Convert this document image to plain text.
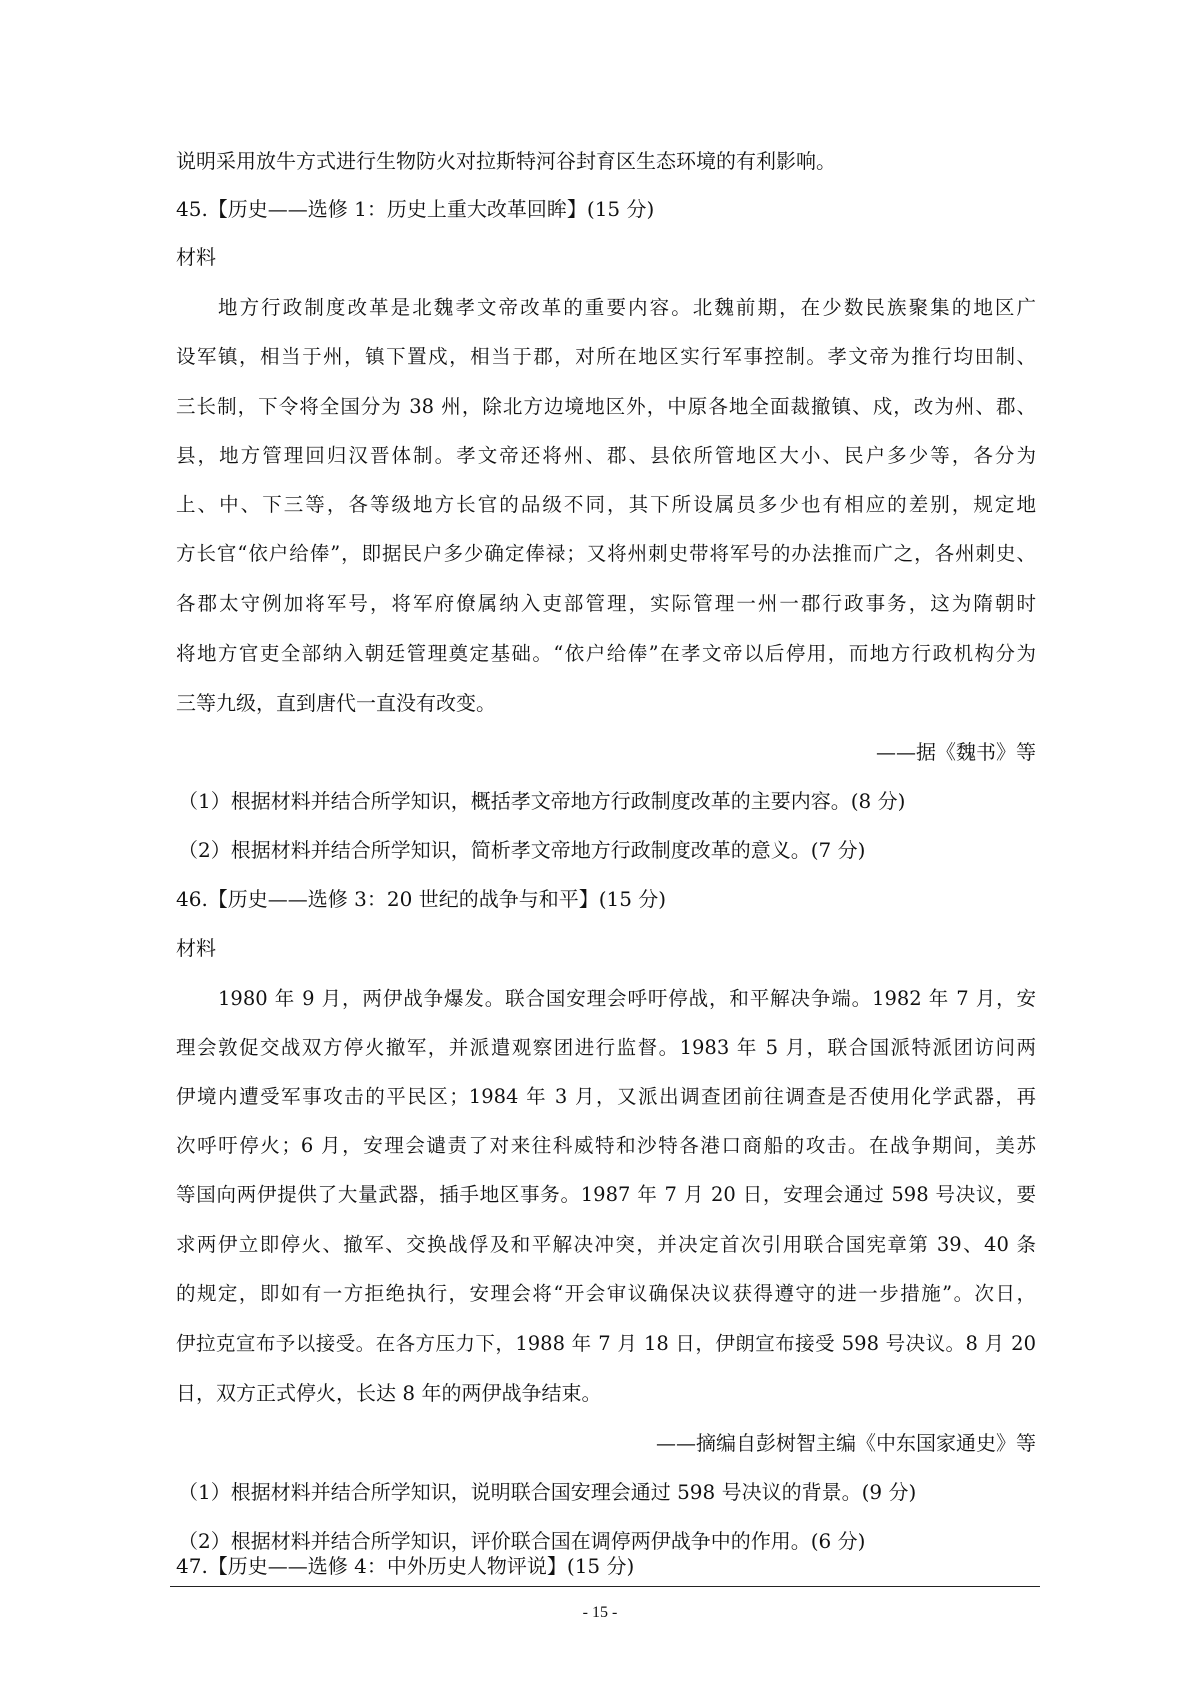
说明采用放牛方式进行生物防火对拉斯特河谷封育区生态环境的有利影响。
45.【历史——选修 1：历史上重大改革回眸】(15 分)
材料
地方行政制度改革是北魏孝文帝改革的重要内容。北魏前期，在少数民族聚集的地区广
设军镇，相当于州，镇下置戍，相当于郡，对所在地区实行军事控制。孝文帝为推行均田制、
三长制，下令将全国分为 38 州，除北方边境地区外，中原各地全面裁撤镇、戍，改为州、郡、
县，地方管理回归汉晋体制。孝文帝还将州、郡、县依所管地区大小、民户多少等，各分为
上、中、下三等，各等级地方长官的品级不同，其下所设属员多少也有相应的差别，规定地
方长官“依户给俸”，即据民户多少确定俸禄；又将州刺史带将军号的办法推而广之，各州刺史、
各郡太守例加将军号，将军府僚属纳入吏部管理，实际管理一州一郡行政事务，这为隋朝时
将地方官吏全部纳入朝廷管理奠定基础。“依户给俸”在孝文帝以后停用，而地方行政机构分为
三等九级，直到唐代一直没有改变。
——据《魏书》等
（1）根据材料并结合所学知识，概括孝文帝地方行政制度改革的主要内容。(8 分)
（2）根据材料并结合所学知识，简析孝文帝地方行政制度改革的意义。(7 分)
46.【历史——选修 3：20 世纪的战争与和平】(15 分)
材料
1980 年 9 月，两伊战争爆发。联合国安理会呼吁停战，和平解决争端。1982 年 7 月，安
理会敦促交战双方停火撤军，并派遣观察团进行监督。1983 年 5 月，联合国派特派团访问两
伊境内遭受军事攻击的平民区；1984 年 3 月，又派出调查团前往调查是否使用化学武器，再
次呼吁停火；6 月，安理会谴责了对来往科威特和沙特各港口商船的攻击。在战争期间，美苏
等国向两伊提供了大量武器，插手地区事务。1987 年 7 月 20 日，安理会通过 598 号决议，要
求两伊立即停火、撤军、交换战俘及和平解决冲突，并决定首次引用联合国宪章第 39、40 条
的规定，即如有一方拒绝执行，安理会将“开会审议确保决议获得遵守的进一步措施”。次日，
伊拉克宣布予以接受。在各方压力下，1988 年 7 月 18 日，伊朗宣布接受 598 号决议。8 月 20
日，双方正式停火，长达 8 年的两伊战争结束。
——摘编自彭树智主编《中东国家通史》等
（1）根据材料并结合所学知识，说明联合国安理会通过 598 号决议的背景。(9 分)
（2）根据材料并结合所学知识，评价联合国在调停两伊战争中的作用。(6 分)
47.【历史——选修 4：中外历史人物评说】(15 分)
- 15 -
